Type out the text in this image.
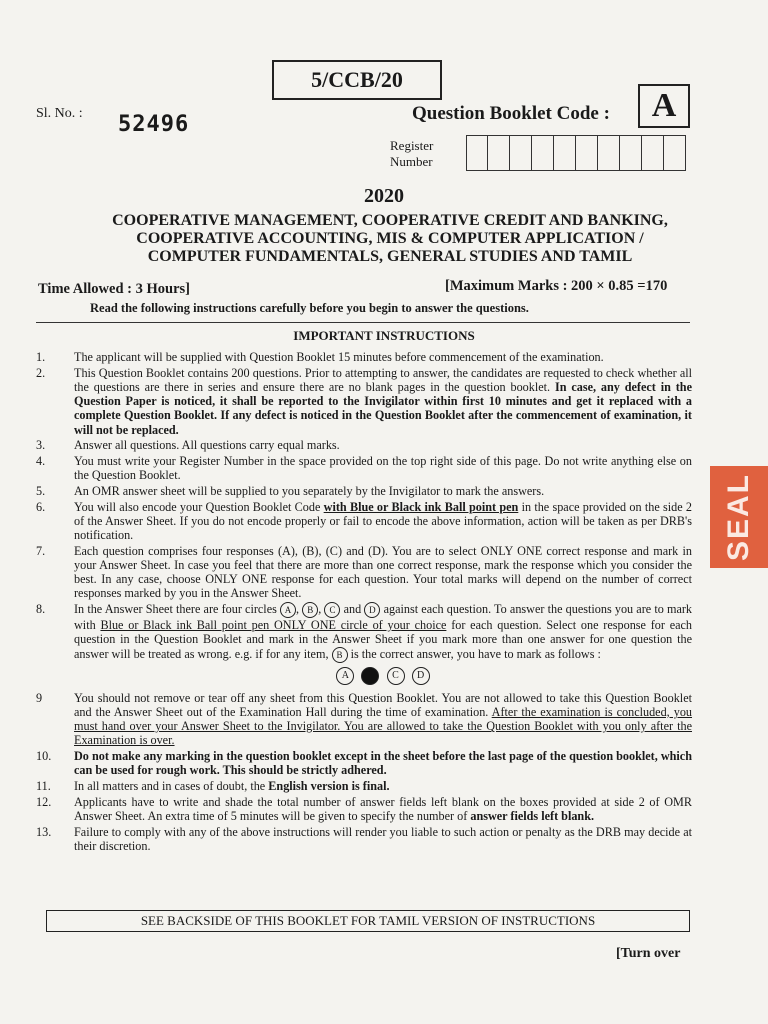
5/CCB/20
Sl. No. : 52496	Question Booklet Code :	A
Register
Number
2020
COOPERATIVE MANAGEMENT, COOPERATIVE CREDIT AND BANKING,
COOPERATIVE ACCOUNTING, MIS & COMPUTER APPLICATION /
COMPUTER FUNDAMENTALS, GENERAL STUDIES AND TAMIL
Time Allowed : 3 Hours]	[Maximum Marks : 200 × 0.85 =170
Read the following instructions carefully before you begin to answer the questions.
IMPORTANT INSTRUCTIONS
1. The applicant will be supplied with Question Booklet 15 minutes before commencement of the examination.
2. This Question Booklet contains 200 questions. Prior to attempting to answer, the candidates are requested to check whether all the questions are there in series and ensure there are no blank pages in the question booklet. In case, any defect in the Question Paper is noticed, it shall be reported to the Invigilator within first 10 minutes and get it replaced with a complete Question Booklet. If any defect is noticed in the Question Booklet after the commencement of examination, it will not be replaced.
3. Answer all questions. All questions carry equal marks.
4. You must write your Register Number in the space provided on the top right side of this page. Do not write anything else on the Question Booklet.
5. An OMR answer sheet will be supplied to you separately by the Invigilator to mark the answers.
6. You will also encode your Question Booklet Code with Blue or Black ink Ball point pen in the space provided on the side 2 of the Answer Sheet. If you do not encode properly or fail to encode the above information, action will be taken as per DRB's notification.
7. Each question comprises four responses (A), (B), (C) and (D). You are to select ONLY ONE correct response and mark in your Answer Sheet. In case you feel that there are more than one correct response, mark the response which you consider the best. In any case, choose ONLY ONE response for each question. Your total marks will depend on the number of correct responses marked by you in the Answer Sheet.
8. In the Answer Sheet there are four circles A , B , C and D against each question. To answer the questions you are to mark with Blue or Black ink Ball point pen ONLY ONE circle of your choice for each question. Select one response for each question in the Question Booklet and mark in the Answer Sheet if you mark more than one answer for one question the answer will be treated as wrong. e.g. if for any item, B is the correct answer, you have to mark as follows :
A	C D
9	You should not remove or tear off any sheet from this Question Booklet. You are not allowed to take this Question Booklet and the Answer Sheet out of the Examination Hall during the time of examination. After the examination is concluded, you must hand over your Answer Sheet to the Invigilator. You are allowed to take the Question Booklet with you only after the Examination is over.
10. Do not make any marking in the question booklet except in the sheet before the last page of the question booklet, which can be used for rough work. This should be strictly adhered.
11. In all matters and in cases of doubt, the English version is final.
12. Applicants have to write and shade the total number of answer fields left blank on the boxes provided at side 2 of OMR Answer Sheet. An extra time of 5 minutes will be given to specify the number of answer fields left blank.
13. Failure to comply with any of the above instructions will render you liable to such action or penalty as the DRB may decide at their discretion.
SEE BACKSIDE OF THIS BOOKLET FOR TAMIL VERSION OF INSTRUCTIONS
[Turn over
SEAL
